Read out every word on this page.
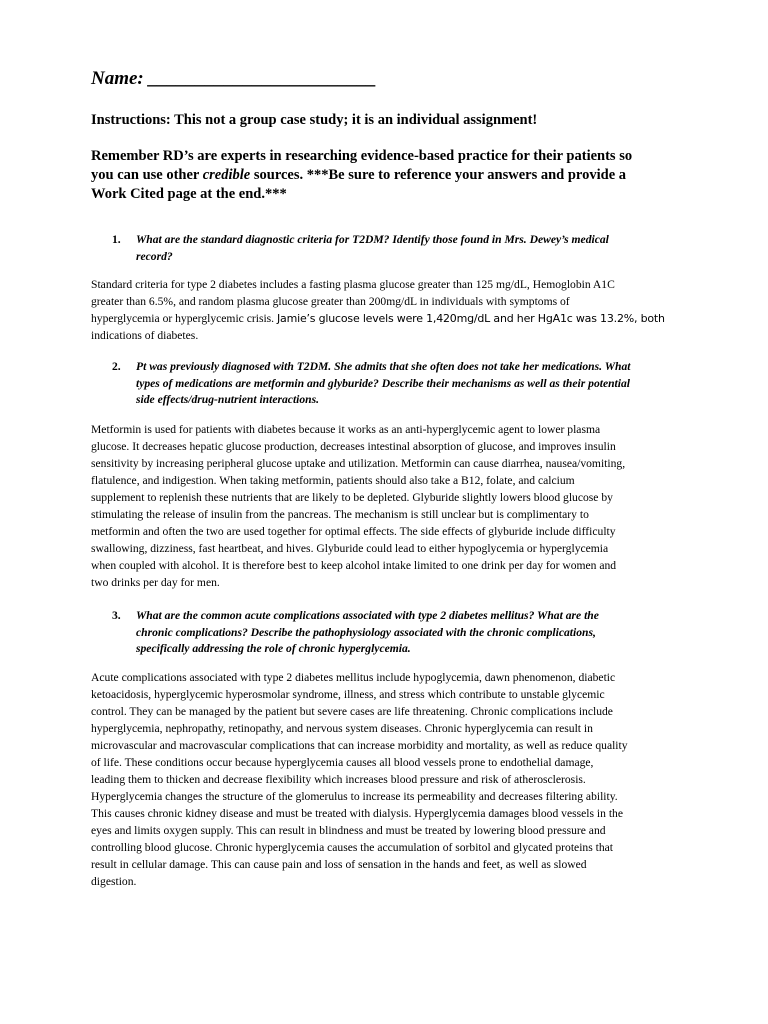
Name: ________________________
Instructions: This not a group case study; it is an individual assignment!
Remember RD’s are experts in researching evidence-based practice for their patients so
you can use other credible sources. ***Be sure to reference your answers and provide a
Work Cited page at the end.***
1. What are the standard diagnostic criteria for T2DM? Identify those found in Mrs. Dewey’s medical
record?
Standard criteria for type 2 diabetes includes a fasting plasma glucose greater than 125 mg/dL, Hemoglobin A1C
greater than 6.5%, and random plasma glucose greater than 200mg/dL in individuals with symptoms of
hyperglycemia or hyperglycemic crisis. Jamie’s glucose levels were 1,420mg/dL and her HgA1c was 13.2%, both
indications of diabetes.
2. Pt was previously diagnosed with T2DM. She admits that she often does not take her medications. What
types of medications are metformin and glyburide? Describe their mechanisms as well as their potential
side effects/drug-nutrient interactions.
Metformin is used for patients with diabetes because it works as an anti-hyperglycemic agent to lower plasma
glucose. It decreases hepatic glucose production, decreases intestinal absorption of glucose, and improves insulin
sensitivity by increasing peripheral glucose uptake and utilization. Metformin can cause diarrhea, nausea/vomiting,
flatulence, and indigestion. When taking metformin, patients should also take a B12, folate, and calcium
supplement to replenish these nutrients that are likely to be depleted. Glyburide slightly lowers blood glucose by
stimulating the release of insulin from the pancreas. The mechanism is still unclear but is complimentary to
metformin and often the two are used together for optimal effects. The side effects of glyburide include difficulty
swallowing, dizziness, fast heartbeat, and hives. Glyburide could lead to either hypoglycemia or hyperglycemia
when coupled with alcohol. It is therefore best to keep alcohol intake limited to one drink per day for women and
two drinks per day for men.
3. What are the common acute complications associated with type 2 diabetes mellitus? What are the
chronic complications? Describe the pathophysiology associated with the chronic complications,
specifically addressing the role of chronic hyperglycemia.
Acute complications associated with type 2 diabetes mellitus include hypoglycemia, dawn phenomenon, diabetic
ketoacidosis, hyperglycemic hyperosmolar syndrome, illness, and stress which contribute to unstable glycemic
control. They can be managed by the patient but severe cases are life threatening. Chronic complications include
hyperglycemia, nephropathy, retinopathy, and nervous system diseases. Chronic hyperglycemia can result in
microvascular and macrovascular complications that can increase morbidity and mortality, as well as reduce quality
of life. These conditions occur because hyperglycemia causes all blood vessels prone to endothelial damage,
leading them to thicken and decrease flexibility which increases blood pressure and risk of atherosclerosis.
Hyperglycemia changes the structure of the glomerulus to increase its permeability and decreases filtering ability.
This causes chronic kidney disease and must be treated with dialysis. Hyperglycemia damages blood vessels in the
eyes and limits oxygen supply. This can result in blindness and must be treated by lowering blood pressure and
controlling blood glucose. Chronic hyperglycemia causes the accumulation of sorbitol and glycated proteins that
result in cellular damage. This can cause pain and loss of sensation in the hands and feet, as well as slowed
digestion.
